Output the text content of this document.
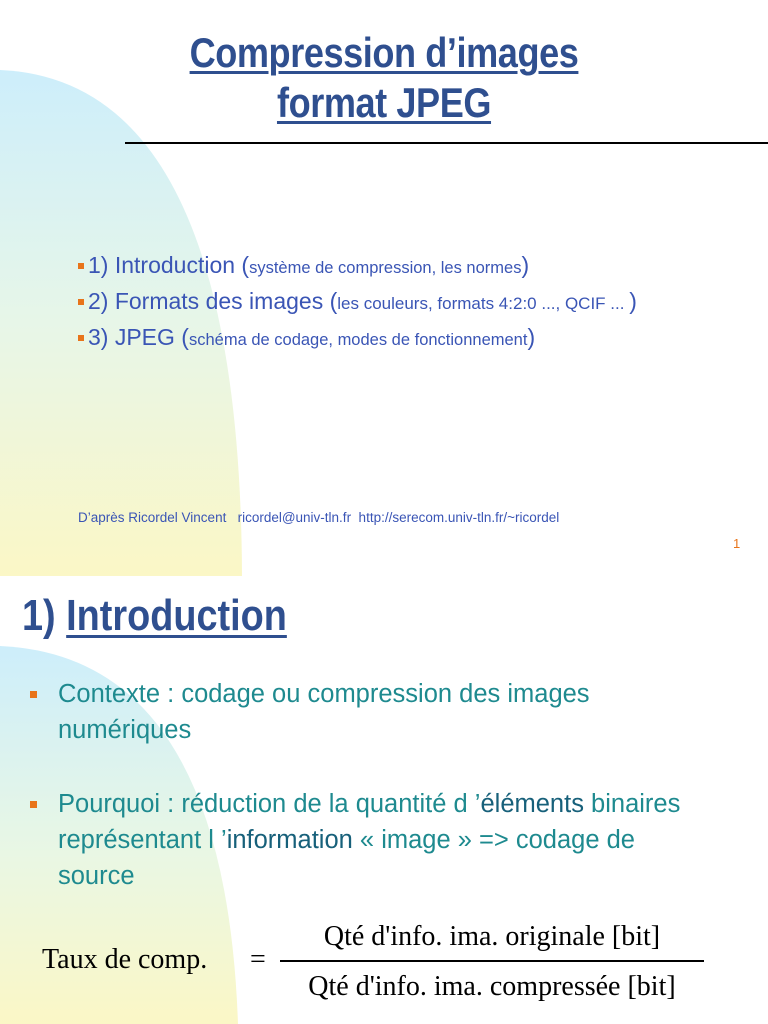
Compression d’images
format JPEG
1) Introduction (système de compression, les normes)
2) Formats des images (les couleurs, formats 4:2:0 ..., QCIF ... )
3) JPEG (schéma de codage, modes de fonctionnement)
D’après Ricordel Vincent   ricordel@univ-tln.fr  http://serecom.univ-tln.fr/~ricordel
1
1) Introduction
Contexte : codage ou compression des images numériques
Pourquoi : réduction de la quantité d ’éléments binaires représentant l ’information « image » => codage de source
Taux de comp. =
Qté d'info. ima. originale [bit]
Qté d'info. ima. compressée [bit]
